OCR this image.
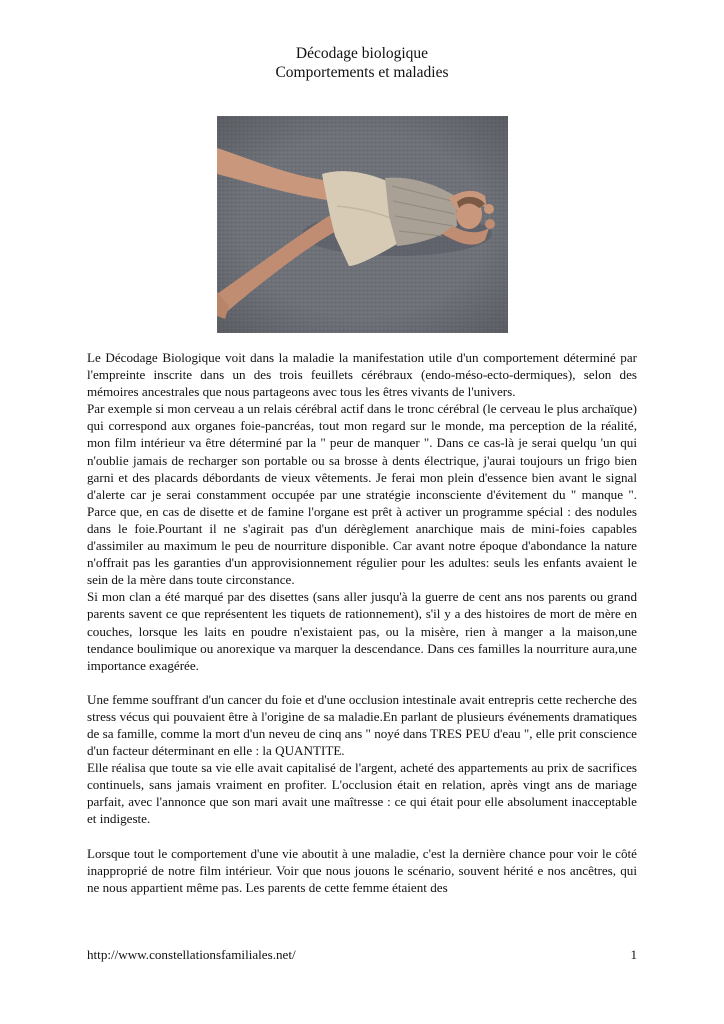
Décodage biologique
Comportements et maladies

Le Décodage Biologique voit dans la maladie la manifestation utile d'un comportement déterminé par l'empreinte inscrite dans un des trois feuillets cérébraux (endo-méso-ecto-dermiques), selon des mémoires ancestrales que nous partageons avec tous les êtres vivants de l'univers.

Par exemple si mon cerveau a un relais cérébral actif dans le tronc cérébral (le cerveau le plus archaïque) qui correspond aux organes foie-pancréas, tout mon regard sur le monde, ma perception de la réalité, mon film intérieur va être déterminé par la " peur de manquer ". Dans ce cas-là je serai quelqu 'un qui n'oublie jamais de recharger son portable ou sa brosse à dents électrique, j'aurai toujours un frigo bien garni et des placards débordants de vieux vêtements. Je ferai mon plein d'essence bien avant le signal d'alerte car je serai constamment occupée par une stratégie inconsciente d'évitement du " manque ". Parce que, en cas de disette et de famine l'organe est prêt à activer un programme spécial : des nodules dans le foie.Pourtant il ne s'agirait pas d'un dérèglement anarchique mais de mini-foies capables d'assimiler au maximum le peu de nourriture disponible. Car avant notre époque d'abondance la nature n'offrait pas les garanties d'un approvisionnement régulier pour les adultes: seuls les enfants avaient le sein de la mère dans toute circonstance.

Si mon clan a été marqué par des disettes (sans aller jusqu'à la guerre de cent ans nos parents ou grand parents savent ce que représentent les tiquets de rationnement), s'il y a des histoires de mort de mère en couches, lorsque les laits en poudre n'existaient pas, ou la misère, rien à manger a la maison,une tendance boulimique ou anorexique va marquer la descendance. Dans ces familles la nourriture aura,une importance exagérée.

Une femme souffrant d'un cancer du foie et d'une occlusion intestinale avait entrepris cette recherche des stress vécus qui pouvaient être à l'origine de sa maladie.En parlant de plusieurs événements dramatiques de sa famille, comme la mort d'un neveu de cinq ans " noyé dans TRES PEU d'eau ", elle prit conscience d'un facteur déterminant en elle : la QUANTITE.

Elle réalisa que toute sa vie elle avait capitalisé de l'argent, acheté des appartements au prix de sacrifices continuels, sans jamais vraiment en profiter. L'occlusion était en relation, après vingt ans de mariage parfait, avec l'annonce que son mari avait une maîtresse : ce qui était pour elle absolument inacceptable et indigeste.

Lorsque tout le comportement d'une vie aboutit à une maladie, c'est la dernière chance pour voir le côté inapproprié de notre film intérieur. Voir que nous jouons le scénario, souvent hérité e nos ancêtres, qui ne nous appartient même pas. Les parents de cette femme étaient des

http://www.constellationsfamiliales.net/	1
